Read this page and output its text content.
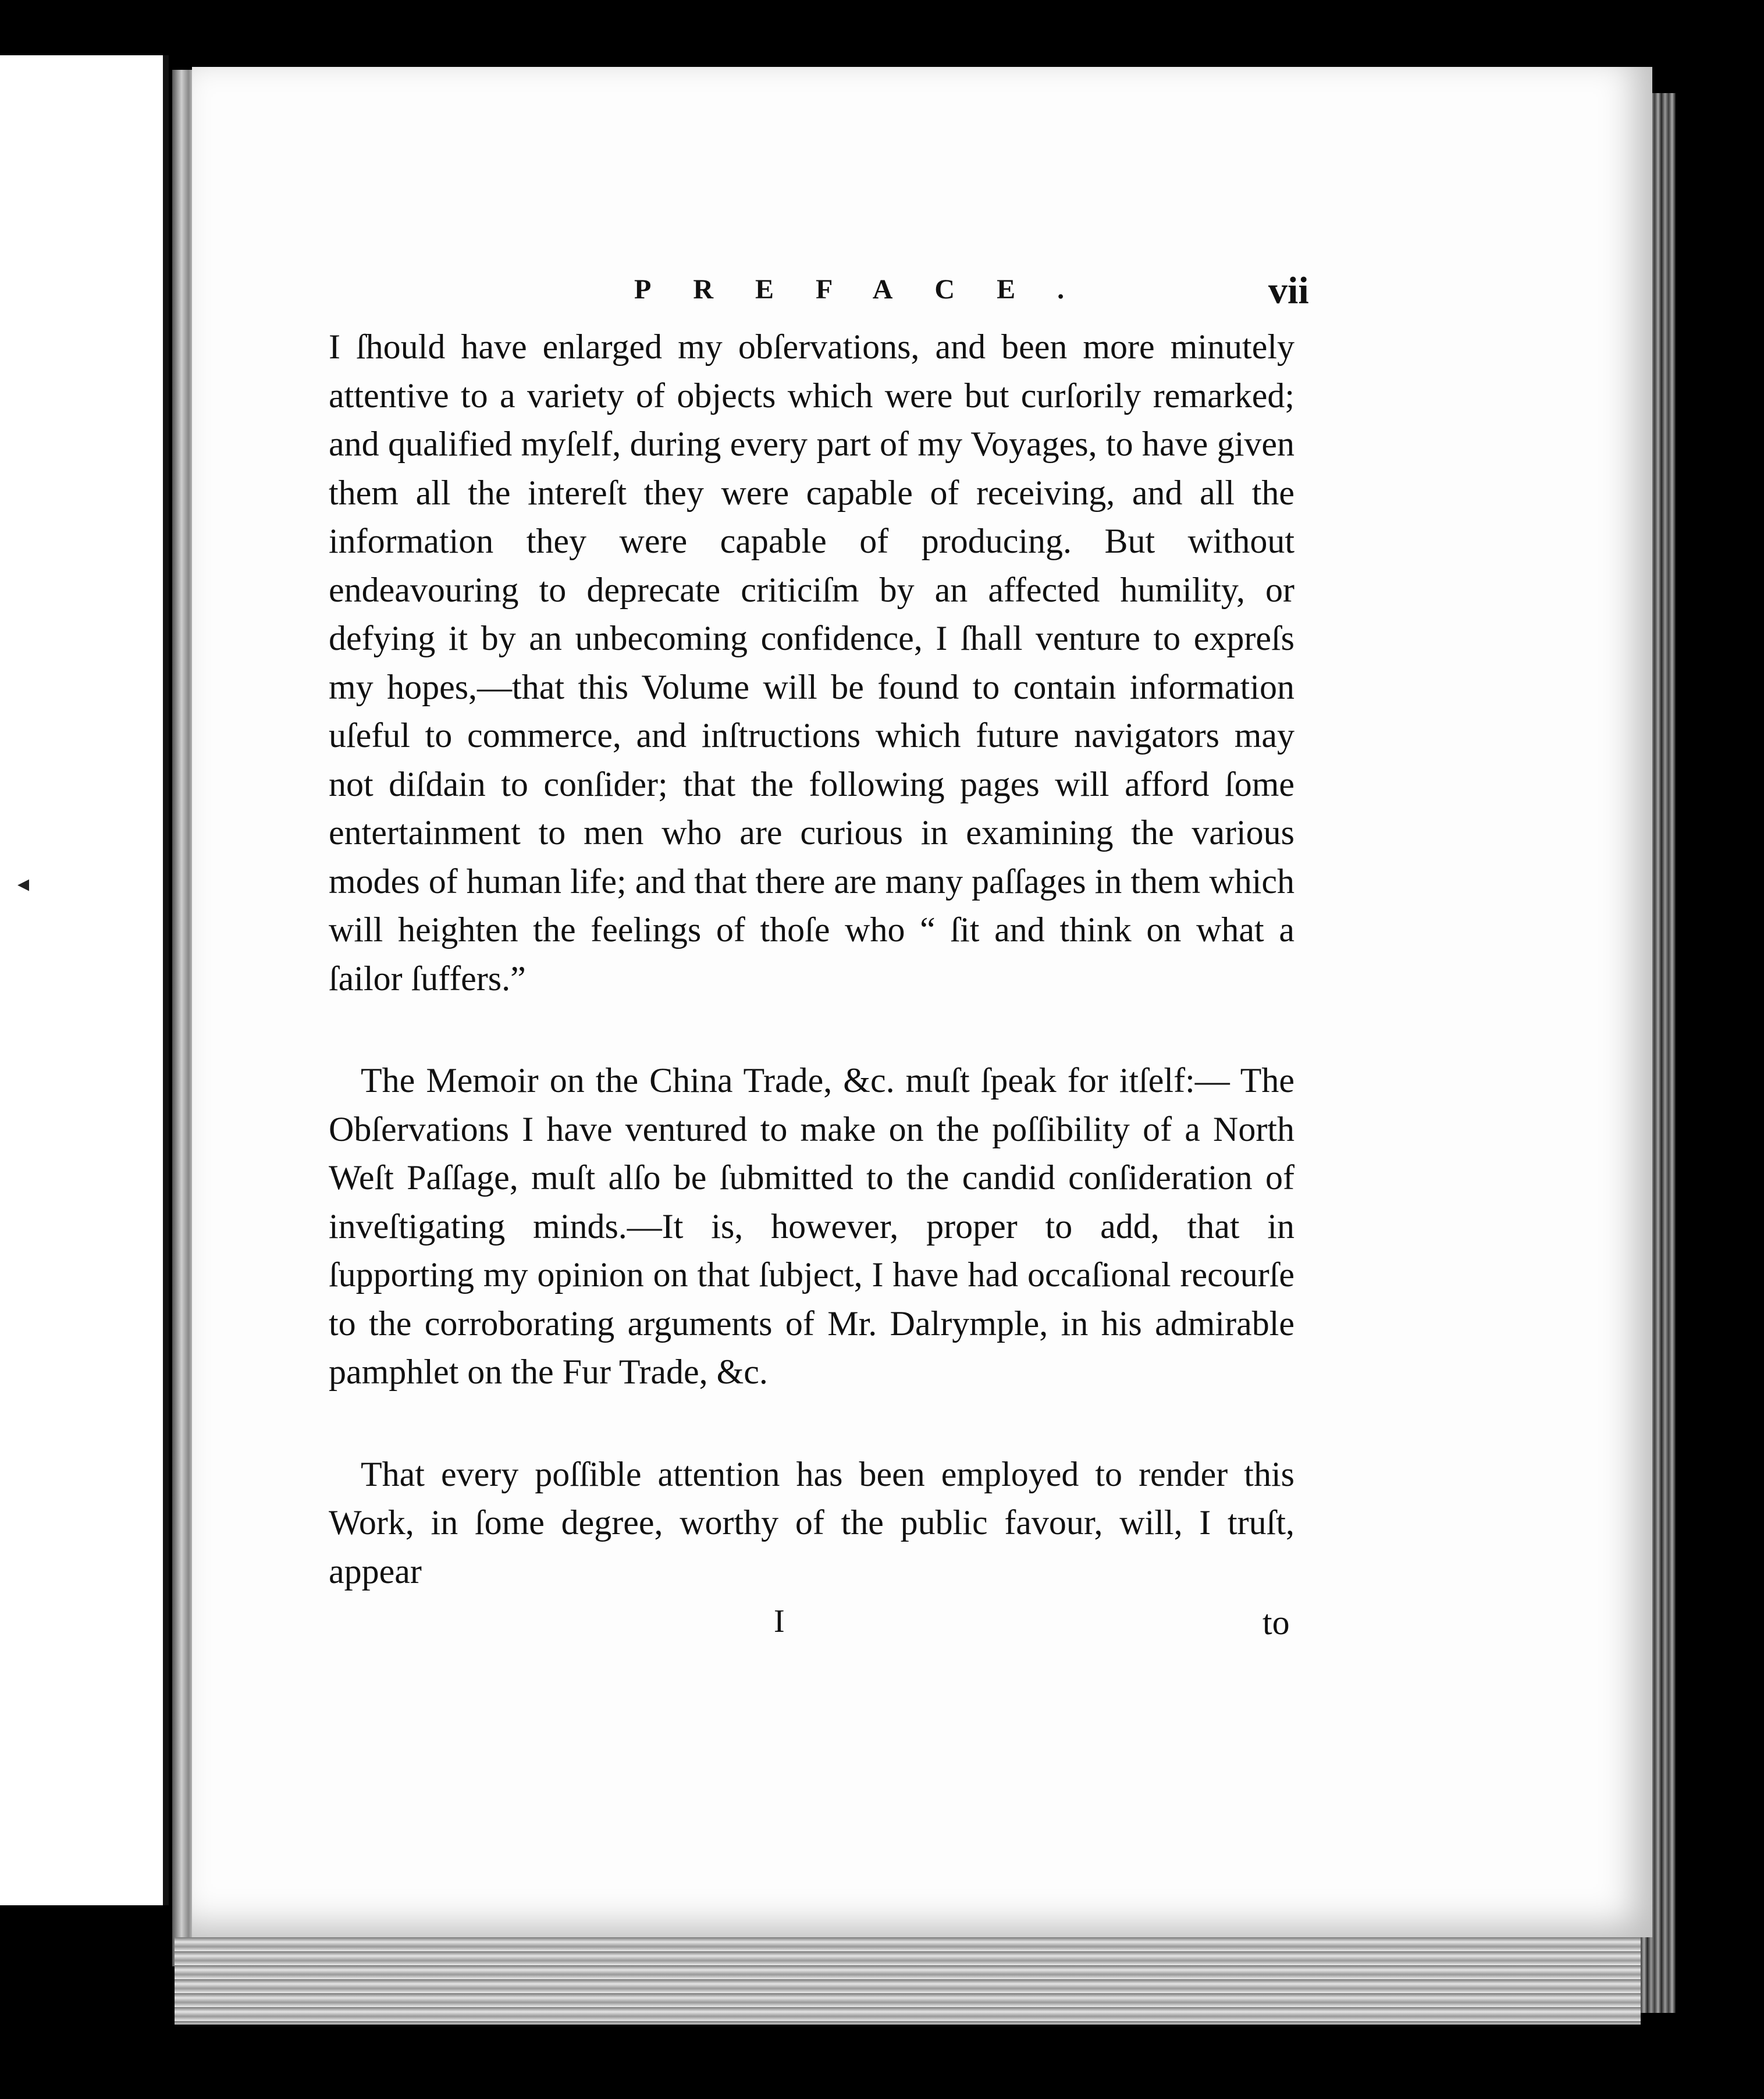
◂
PREFACE.	vii

I ſhould have enlarged my obſervations, and been more minutely attentive to a variety of objects which were but curſorily remarked; and qualified myſelf, during every part of my Voyages, to have given them all the intereſt they were capable of receiving, and all the information they were capable of producing. But without endeavouring to deprecate criticiſm by an affected humility, or defying it by an unbecoming confidence, I ſhall venture to expreſs my hopes,—that this Volume will be found to contain information uſeful to commerce, and inſtructions which future navigators may not diſdain to conſider; that the following pages will afford ſome entertainment to men who are curious in examining the various modes of human life; and that there are many paſſages in them which will heighten the feelings of thoſe who “ ſit and think on what a ſailor ſuffers.”

The Memoir on the China Trade, &c. muſt ſpeak for itſelf:— The Obſervations I have ventured to make on the poſſibility of a North Weſt Paſſage, muſt alſo be ſubmitted to the candid conſideration of inveſtigating minds.—It is, however, proper to add, that in ſupporting my opinion on that ſubject, I have had occaſional recourſe to the corroborating arguments of Mr. Dalrymple, in his admirable pamphlet on the Fur Trade, &c.

That every poſſible attention has been employed to render this Work, in ſome degree, worthy of the public favour, will, I truſt, appear

I	to
